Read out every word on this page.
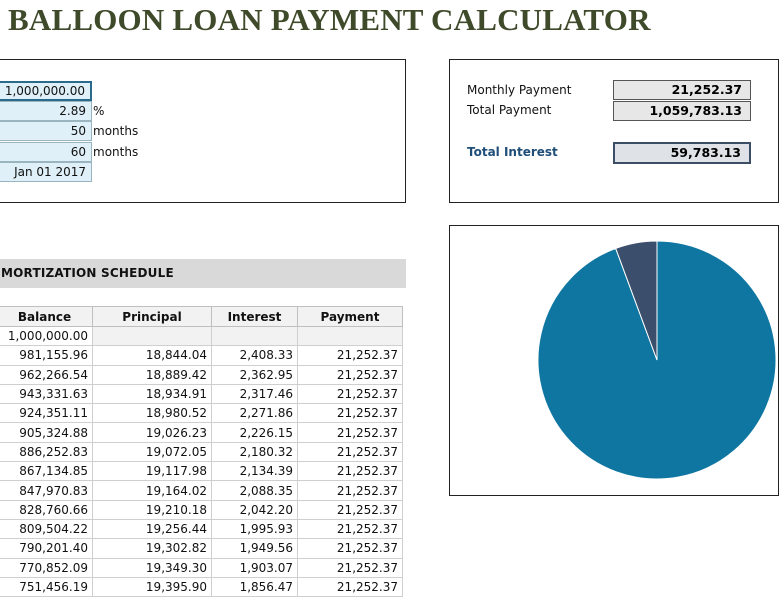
BALLOON LOAN PAYMENT CALCULATOR
1,000,000.00
2.89 %
50 months
60 months
Jan 01 2017
Monthly Payment	21,252.37
Total Payment	1,059,783.13
Total Interest	59,783.13
MORTIZATION SCHEDULE
Balance	Principal	Interest	Payment
1,000,000.00			
981,155.96	18,844.04	2,408.33	21,252.37
962,266.54	18,889.42	2,362.95	21,252.37
943,331.63	18,934.91	2,317.46	21,252.37
924,351.11	18,980.52	2,271.86	21,252.37
905,324.88	19,026.23	2,226.15	21,252.37
886,252.83	19,072.05	2,180.32	21,252.37
867,134.85	19,117.98	2,134.39	21,252.37
847,970.83	19,164.02	2,088.35	21,252.37
828,760.66	19,210.18	2,042.20	21,252.37
809,504.22	19,256.44	1,995.93	21,252.37
790,201.40	19,302.82	1,949.56	21,252.37
770,852.09	19,349.30	1,903.07	21,252.37
751,456.19	19,395.90	1,856.47	21,252.37
